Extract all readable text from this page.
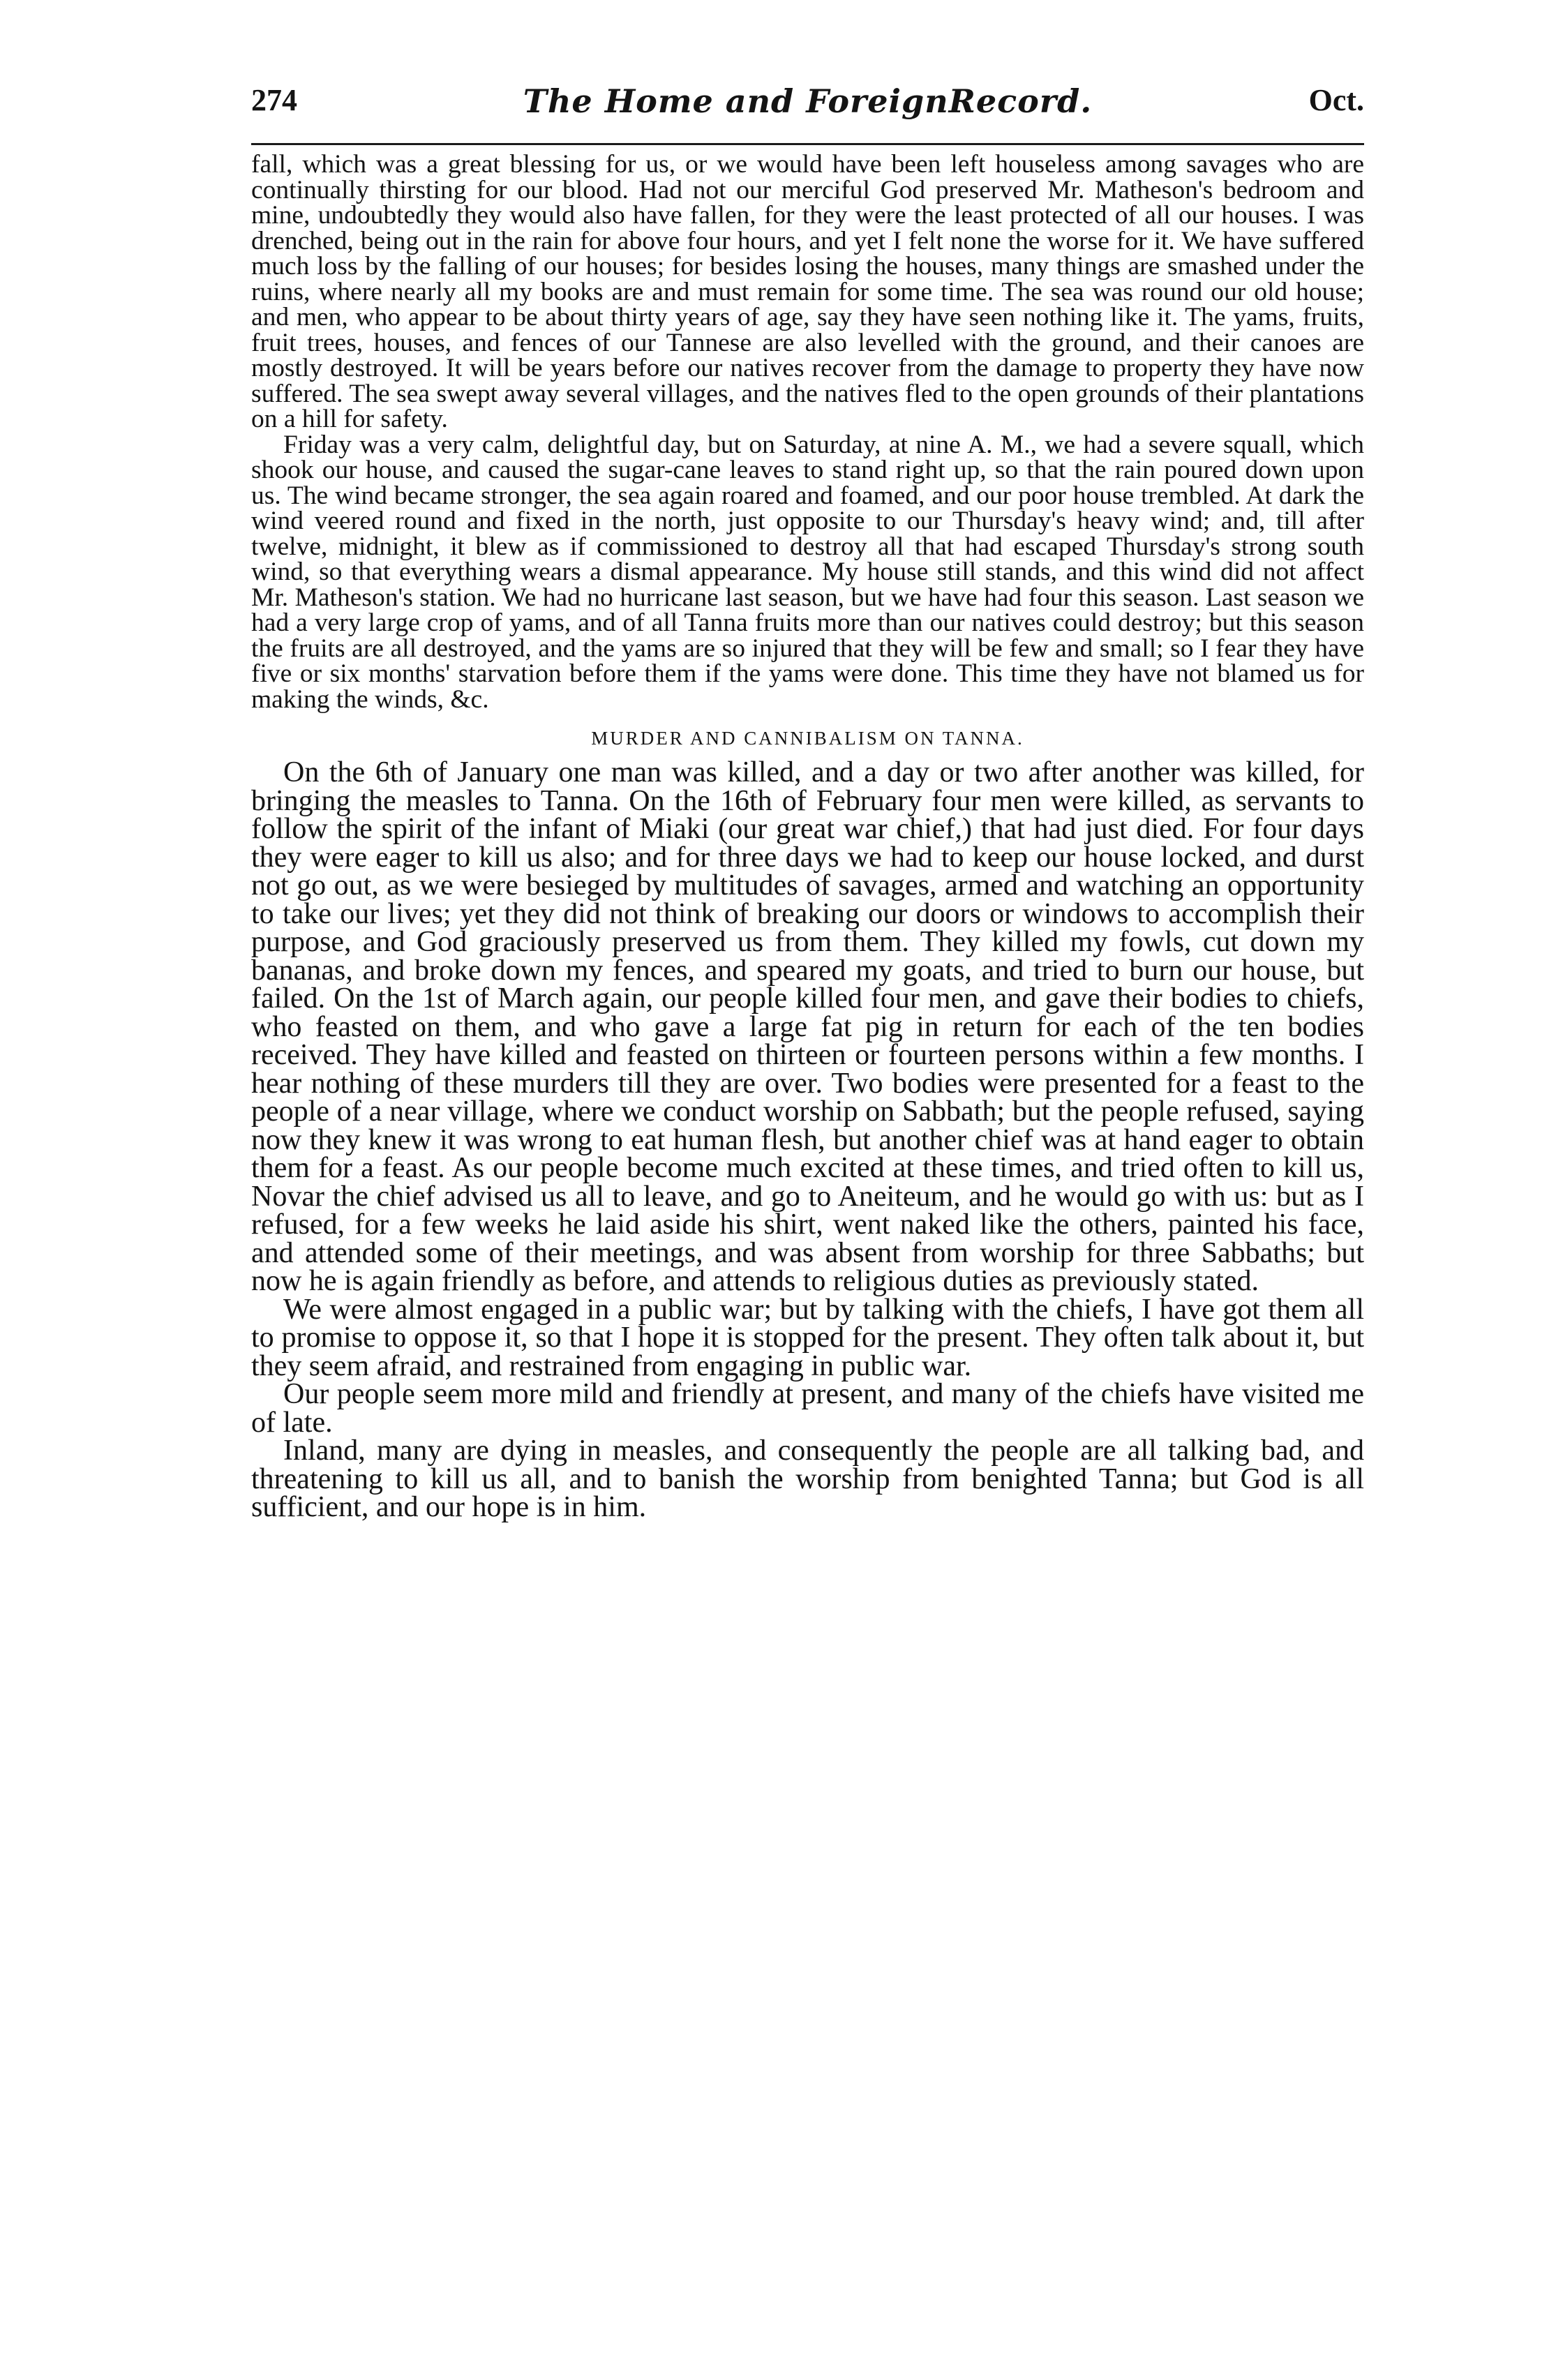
274	The Home and ForeignRecord.	Oct.

fall, which was a great blessing for us, or we would have been left houseless among savages who are continually thirsting for our blood. Had not our merciful God preserved Mr. Matheson's bedroom and mine, undoubtedly they would also have fallen, for they were the least protected of all our houses. I was drenched, being out in the rain for above four hours, and yet I felt none the worse for it. We have suffered much loss by the falling of our houses; for besides losing the houses, many things are smashed under the ruins, where nearly all my books are and must remain for some time. The sea was round our old house; and men, who appear to be about thirty years of age, say they have seen nothing like it. The yams, fruits, fruit trees, houses, and fences of our Tannese are also levelled with the ground, and their canoes are mostly destroyed. It will be years before our natives recover from the damage to property they have now suffered. The sea swept away several villages, and the natives fled to the open grounds of their plantations on a hill for safety.

Friday was a very calm, delightful day, but on Saturday, at nine A. M., we had a severe squall, which shook our house, and caused the sugar-cane leaves to stand right up, so that the rain poured down upon us. The wind became stronger, the sea again roared and foamed, and our poor house trembled. At dark the wind veered round and fixed in the north, just opposite to our Thursday's heavy wind; and, till after twelve, midnight, it blew as if commissioned to destroy all that had escaped Thursday's strong south wind, so that everything wears a dismal appearance. My house still stands, and this wind did not affect Mr. Matheson's station. We had no hurricane last season, but we have had four this season. Last season we had a very large crop of yams, and of all Tanna fruits more than our natives could destroy; but this season the fruits are all destroyed, and the yams are so injured that they will be few and small; so I fear they have five or six months' starvation before them if the yams were done. This time they have not blamed us for making the winds, &c.

MURDER AND CANNIBALISM ON TANNA.

On the 6th of January one man was killed, and a day or two after another was killed, for bringing the measles to Tanna. On the 16th of February four men were killed, as servants to follow the spirit of the infant of Miaki (our great war chief,) that had just died. For four days they were eager to kill us also; and for three days we had to keep our house locked, and durst not go out, as we were besieged by multitudes of savages, armed and watching an opportunity to take our lives; yet they did not think of breaking our doors or windows to accomplish their purpose, and God graciously preserved us from them. They killed my fowls, cut down my bananas, and broke down my fences, and speared my goats, and tried to burn our house, but failed. On the 1st of March again, our people killed four men, and gave their bodies to chiefs, who feasted on them, and who gave a large fat pig in return for each of the ten bodies received. They have killed and feasted on thirteen or fourteen persons within a few months. I hear nothing of these murders till they are over. Two bodies were presented for a feast to the people of a near village, where we conduct worship on Sabbath; but the people refused, saying now they knew it was wrong to eat human flesh, but another chief was at hand eager to obtain them for a feast. As our people become much excited at these times, and tried often to kill us, Novar the chief advised us all to leave, and go to Aneiteum, and he would go with us: but as I refused, for a few weeks he laid aside his shirt, went naked like the others, painted his face, and attended some of their meetings, and was absent from worship for three Sabbaths; but now he is again friendly as before, and attends to religious duties as previously stated.

We were almost engaged in a public war; but by talking with the chiefs, I have got them all to promise to oppose it, so that I hope it is stopped for the present. They often talk about it, but they seem afraid, and restrained from engaging in public war.

Our people seem more mild and friendly at present, and many of the chiefs have visited me of late.

Inland, many are dying in measles, and consequently the people are all talking bad, and threatening to kill us all, and to banish the worship from benighted Tanna; but God is all sufficient, and our hope is in him.
